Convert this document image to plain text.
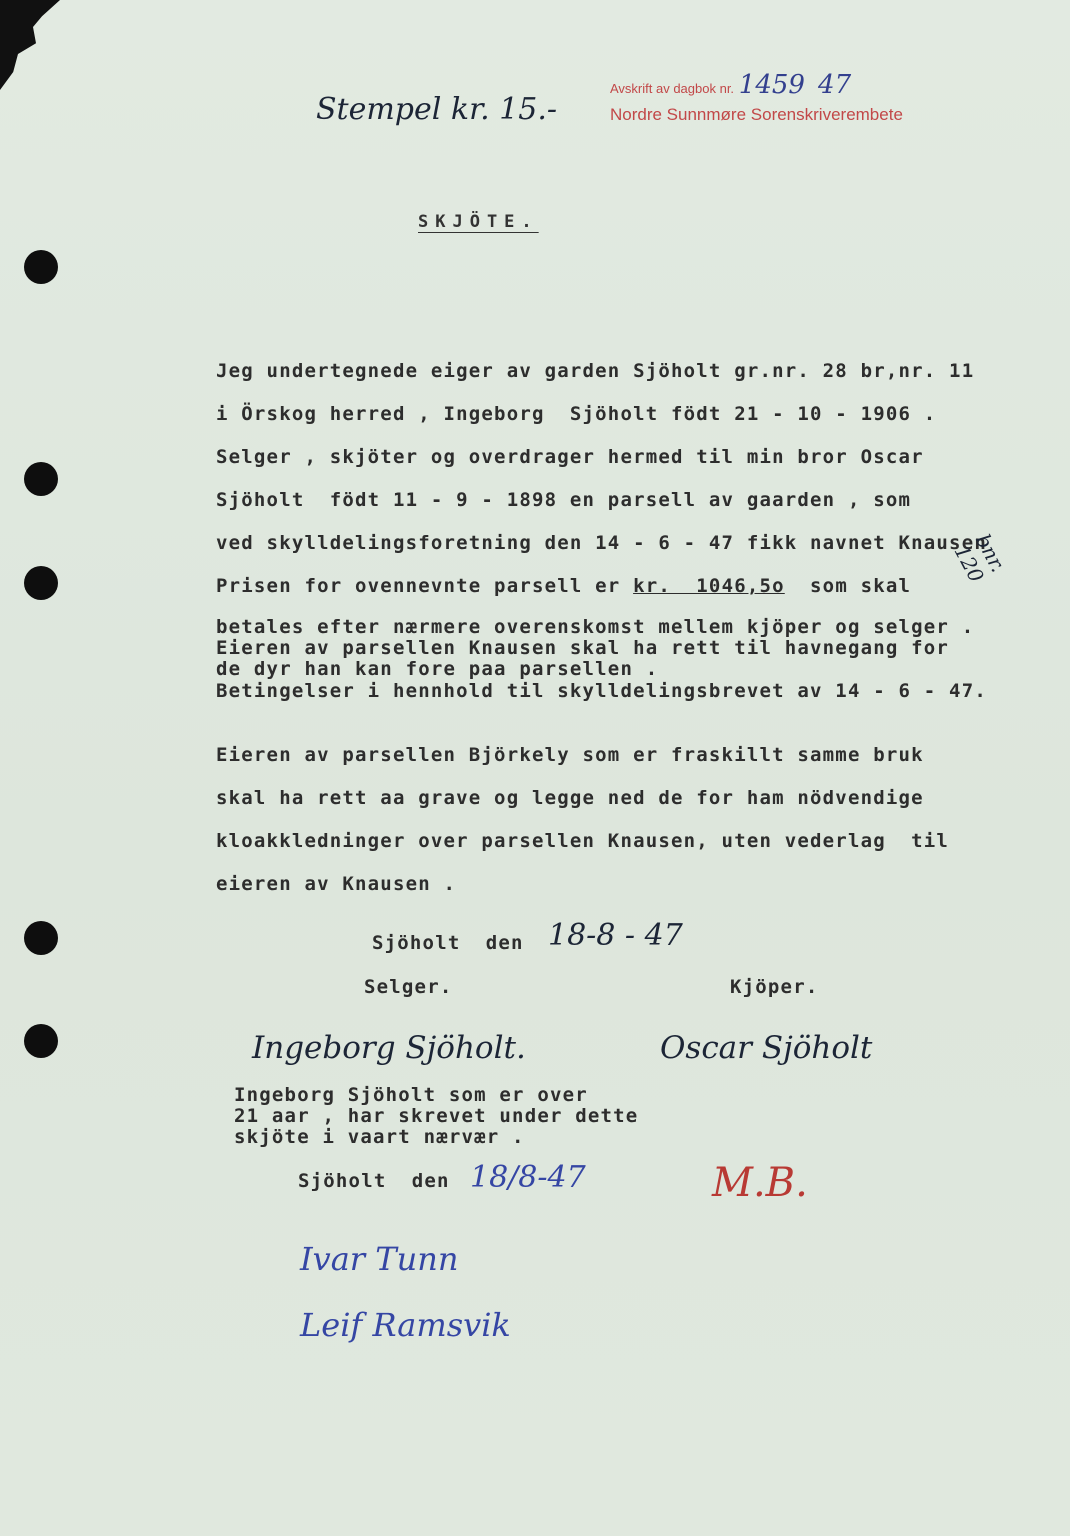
Stempel kr. 15.-
Avskrift av dagbok nr. 1459 47
Nordre Sunnmøre Sorenskriverembete
SKJÖTE.
Jeg undertegnede eiger av garden Sjöholt gr.nr. 28 br,nr. 11
i Örskog herred , Ingeborg  Sjöholt födt 21 - 10 - 1906 .
Selger , skjöter og overdrager hermed til min bror Oscar
Sjöholt  födt 11 - 9 - 1898 en parsell av gaarden , som
ved skylldelingsforetning den 14 - 6 - 47 fikk navnet Knausen
bnr. 120
Prisen for ovennevnte parsell er kr.  1046,5o  som skal
betales efter nærmere overenskomst mellem kjöper og selger .
Eieren av parsellen Knausen skal ha rett til havnegang for
de dyr han kan fore paa parsellen .
Betingelser i hennhold til skylldelingsbrevet av 14 - 6 - 47.
Eieren av parsellen Björkely som er fraskillt samme bruk
skal ha rett aa grave og legge ned de for ham nödvendige
kloakkledninger over parsellen Knausen, uten vederlag  til
eieren av Knausen .
Sjöholt  den 18-8 - 47
Selger.	Kjöper.
Ingeborg Sjöholt.	Oscar Sjöholt
Ingeborg Sjöholt som er over
21 aar , har skrevet under dette
skjöte i vaart nærvær .
Sjöholt  den 18/8-47	M.B.
Ivar Tunn
Leif Ramsvik
